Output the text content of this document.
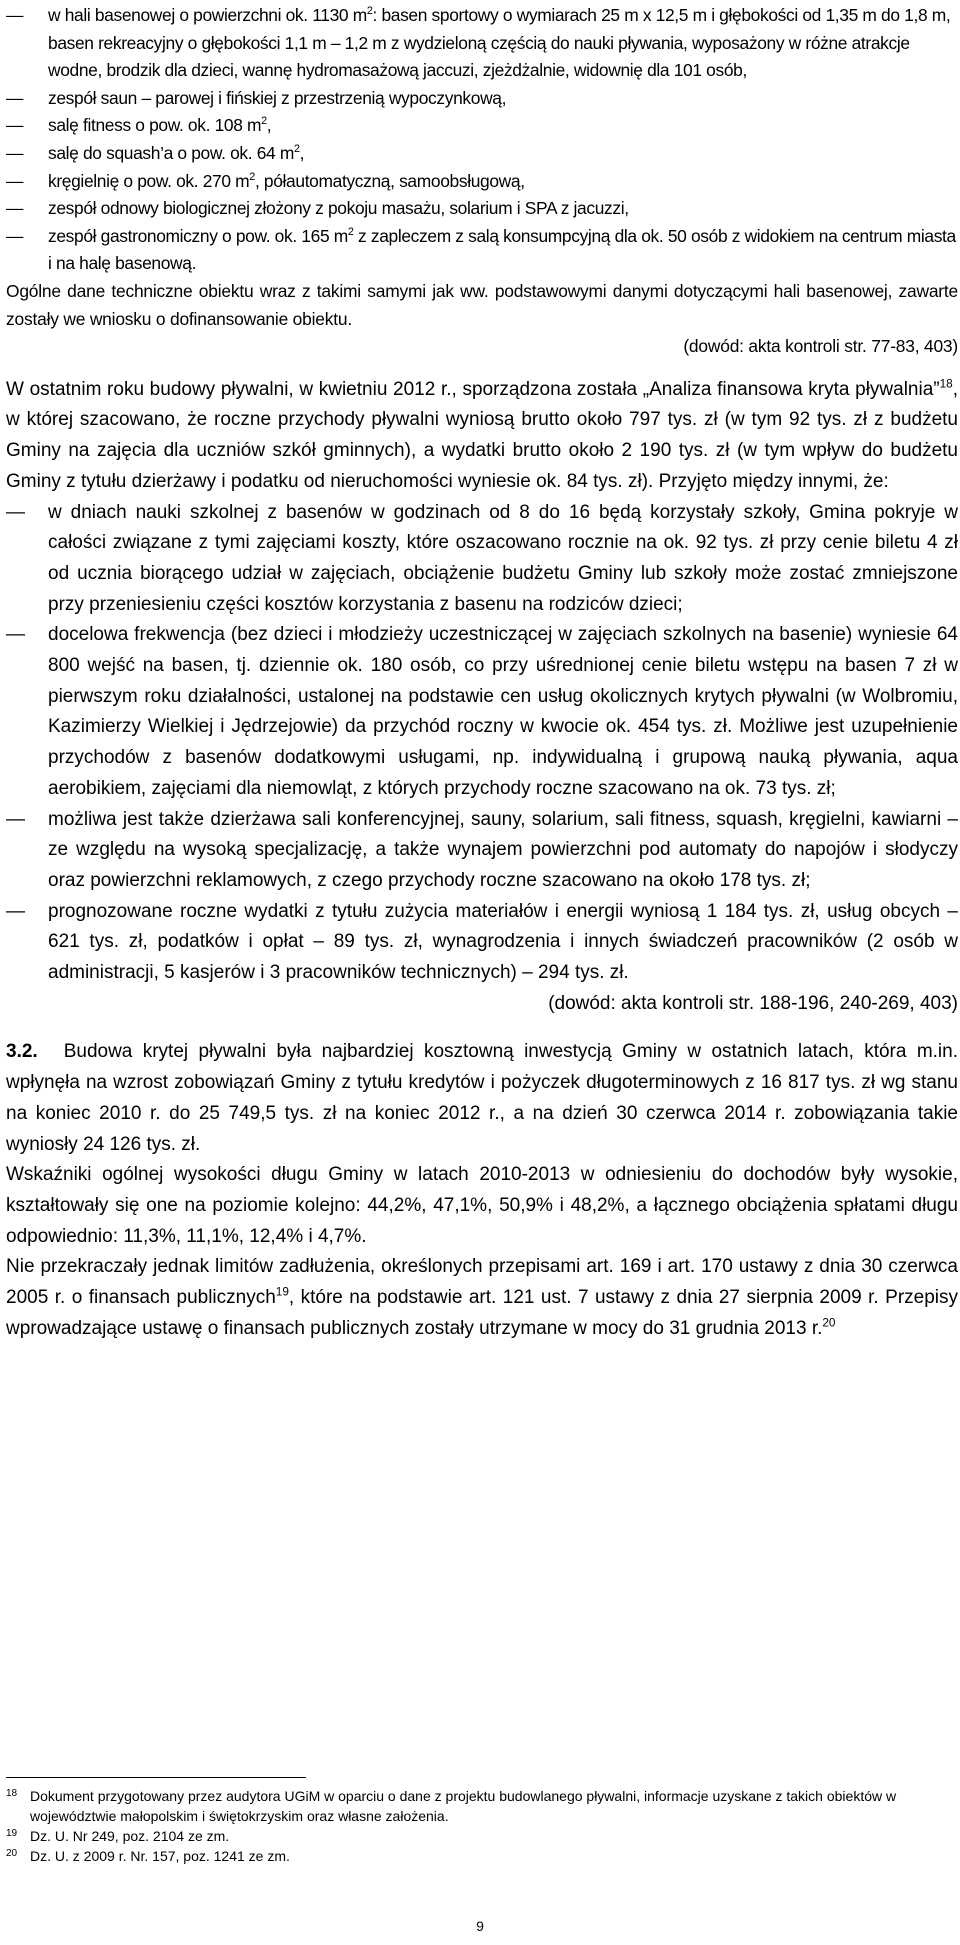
— w hali basenowej o powierzchni ok. 1130 $m^2$: basen sportowy o wymiarach 25 m x 12,5 m i głębokości od 1,35 m do 1,8 m, basen rekreacyjny o głębokości 1,1 m – 1,2 m z wydzieloną częścią do nauki pływania, wyposażony w różne atrakcje wodne, brodzik dla dzieci, wannę hydromasażową jaccuzi, zjeżdżalnie, widownię dla 101 osób,
— zespół saun – parowej i fińskiej z przestrzenią wypoczynkową,
— salę fitness o pow. ok. 108 $m^2$,
— salę do squash’a o pow. ok. 64 $m^2$,
— kręgielnię o pow. ok. 270 $m^2$, półautomatyczną, samoobsługową,
— zespół odnowy biologicznej złożony z pokoju masażu, solarium i SPA z jacuzzi,
— zespół gastronomiczny o pow. ok. 165 $m^2$ z zapleczem z salą konsumpcyjną dla ok. 50 osób z widokiem na centrum miasta i na halę basenową.

Ogólne dane techniczne obiektu wraz z takimi samymi jak ww. podstawowymi danymi dotyczącymi hali basenowej, zawarte zostały we wniosku o dofinansowanie obiektu.

(dowód: akta kontroli str. 77-83, 403)

W ostatnim roku budowy pływalni, w kwietniu 2012 r., sporządzona została „Analiza finansowa kryta pływalnia”$^{18}$, w której szacowano, że roczne przychody pływalni wyniosą brutto około 797 tys. zł (w tym 92 tys. zł z budżetu Gminy na zajęcia dla uczniów szkół gminnych), a wydatki brutto około 2 190 tys. zł (w tym wpływ do budżetu Gminy z tytułu dzierżawy i podatku od nieruchomości wyniesie ok. 84 tys. zł). Przyjęto między innymi, że:

— w dniach nauki szkolnej z basenów w godzinach od 8 do 16 będą korzystały szkoły, Gmina pokryje w całości związane z tymi zajęciami koszty, które oszacowano rocznie na ok. 92 tys. zł przy cenie biletu 4 zł od ucznia biorącego udział w zajęciach, obciążenie budżetu Gminy lub szkoły może zostać zmniejszone przy przeniesieniu części kosztów korzystania z basenu na rodziców dzieci;
— docelowa frekwencja (bez dzieci i młodzieży uczestniczącej w zajęciach szkolnych na basenie) wyniesie 64 800 wejść na basen, tj. dziennie ok. 180 osób, co przy uśrednionej cenie biletu wstępu na basen 7 zł w pierwszym roku działalności, ustalonej na podstawie cen usług okolicznych krytych pływalni (w Wolbromiu, Kazimierzy Wielkiej i Jędrzejowie) da przychód roczny w kwocie ok. 454 tys. zł. Możliwe jest uzupełnienie przychodów z basenów dodatkowymi usługami, np. indywidualną i grupową nauką pływania, aqua aerobikiem, zajęciami dla niemowląt, z których przychody roczne szacowano na ok. 73 tys. zł;
— możliwa jest także dzierżawa sali konferencyjnej, sauny, solarium, sali fitness, squash, kręgielni, kawiarni – ze względu na wysoką specjalizację, a także wynajem powierzchni pod automaty do napojów i słodyczy oraz powierzchni reklamowych, z czego przychody roczne szacowano na około 178 tys. zł;
— prognozowane roczne wydatki z tytułu zużycia materiałów i energii wyniosą 1 184 tys. zł, usług obcych – 621 tys. zł, podatków i opłat – 89 tys. zł, wynagrodzenia i innych świadczeń pracowników (2 osób w administracji, 5 kasjerów i 3 pracowników technicznych) – 294 tys. zł.

(dowód: akta kontroli str. 188-196, 240-269, 403)

3.2. Budowa krytej pływalni była najbardziej kosztowną inwestycją Gminy w ostatnich latach, która m.in. wpłynęła na wzrost zobowiązań Gminy z tytułu kredytów i pożyczek długoterminowych z 16 817 tys. zł wg stanu na koniec 2010 r. do 25 749,5 tys. zł na koniec 2012 r., a na dzień 30 czerwca 2014 r. zobowiązania takie wyniosły 24 126 tys. zł.

Wskaźniki ogólnej wysokości długu Gminy w latach 2010-2013 w odniesieniu do dochodów były wysokie, kształtowały się one na poziomie kolejno: 44,2%, 47,1%, 50,9% i 48,2%, a łącznego obciążenia spłatami długu odpowiednio: 11,3%, 11,1%, 12,4% i 4,7%.

Nie przekraczały jednak limitów zadłużenia, określonych przepisami art. 169 i art. 170 ustawy z dnia 30 czerwca 2005 r. o finansach publicznych$^{19}$, które na podstawie art. 121 ust. 7 ustawy z dnia 27 sierpnia 2009 r. Przepisy wprowadzające ustawę o finansach publicznych zostały utrzymane w mocy do 31 grudnia 2013 r.$^{20}$

18 Dokument przygotowany przez audytora UGiM w oparciu o dane z projektu budowlanego pływalni, informacje uzyskane z takich obiektów w województwie małopolskim i świętokrzyskim oraz własne założenia.
19 Dz. U. Nr 249, poz. 2104 ze zm.
20 Dz. U. z 2009 r. Nr. 157, poz. 1241 ze zm.
9
